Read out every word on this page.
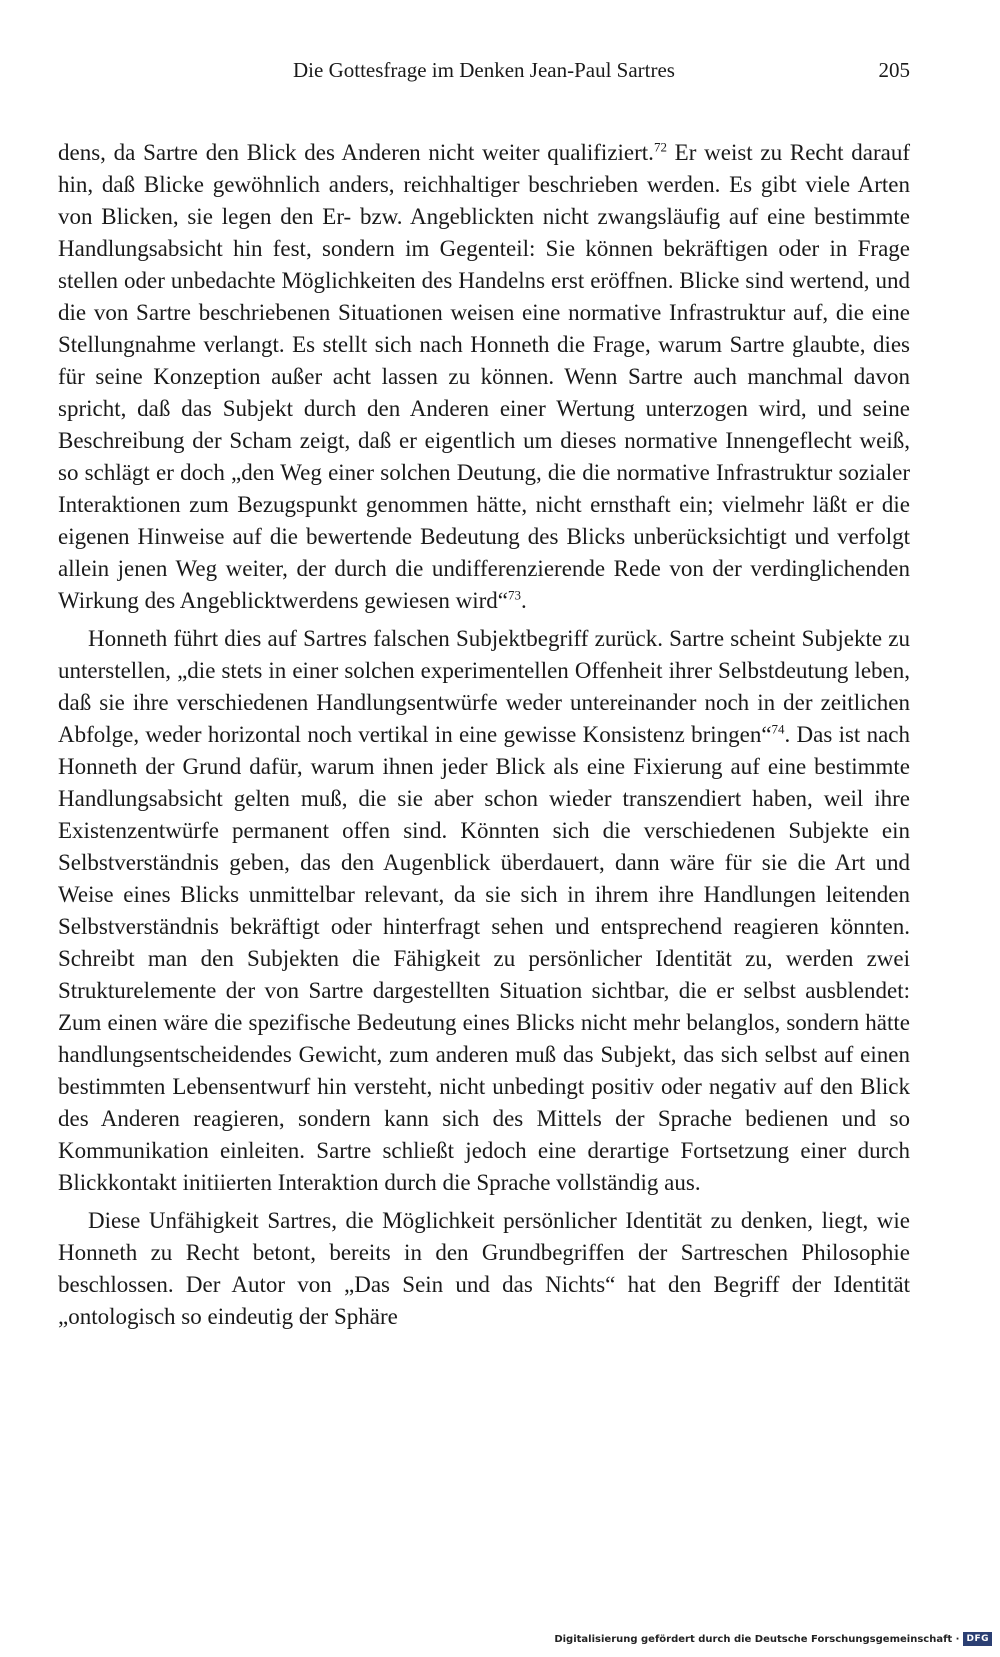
Die Gottesfrage im Denken Jean-Paul Sartres	205

dens, da Sartre den Blick des Anderen nicht weiter qualifiziert.$^{72}$ Er weist zu Recht darauf hin, daß Blicke gewöhnlich anders, reichhaltiger beschrieben werden. Es gibt viele Arten von Blicken, sie legen den Er- bzw. Angeblickten nicht zwangsläufig auf eine bestimmte Handlungsabsicht hin fest, sondern im Gegenteil: Sie können bekräftigen oder in Frage stellen oder unbedachte Möglichkeiten des Handelns erst eröffnen. Blicke sind wertend, und die von Sartre beschriebenen Situationen weisen eine normative Infrastruktur auf, die eine Stellungnahme verlangt. Es stellt sich nach Honneth die Frage, warum Sartre glaubte, dies für seine Konzeption außer acht lassen zu können. Wenn Sartre auch manchmal davon spricht, daß das Subjekt durch den Anderen einer Wertung unterzogen wird, und seine Beschreibung der Scham zeigt, daß er eigentlich um dieses normative Innengeflecht weiß, so schlägt er doch „den Weg einer solchen Deutung, die die normative Infrastruktur sozialer Interaktionen zum Bezugspunkt genommen hätte, nicht ernsthaft ein; vielmehr läßt er die eigenen Hinweise auf die bewertende Bedeutung des Blicks unberücksichtigt und verfolgt allein jenen Weg weiter, der durch die undifferenzierende Rede von der verdinglichenden Wirkung des Angeblicktwerdens gewiesen wird“$^{73}$.

Honneth führt dies auf Sartres falschen Subjektbegriff zurück. Sartre scheint Subjekte zu unterstellen, „die stets in einer solchen experimentellen Offenheit ihrer Selbstdeutung leben, daß sie ihre verschiedenen Handlungsentwürfe weder untereinander noch in der zeitlichen Abfolge, weder horizontal noch vertikal in eine gewisse Konsistenz bringen“$^{74}$. Das ist nach Honneth der Grund dafür, warum ihnen jeder Blick als eine Fixierung auf eine bestimmte Handlungsabsicht gelten muß, die sie aber schon wieder transzendiert haben, weil ihre Existenzentwürfe permanent offen sind. Könnten sich die verschiedenen Subjekte ein Selbstverständnis geben, das den Augenblick überdauert, dann wäre für sie die Art und Weise eines Blicks unmittelbar relevant, da sie sich in ihrem ihre Handlungen leitenden Selbstverständnis bekräftigt oder hinterfragt sehen und entsprechend reagieren könnten. Schreibt man den Subjekten die Fähigkeit zu persönlicher Identität zu, werden zwei Strukturelemente der von Sartre dargestellten Situation sichtbar, die er selbst ausblendet: Zum einen wäre die spezifische Bedeutung eines Blicks nicht mehr belanglos, sondern hätte handlungsentscheidendes Gewicht, zum anderen muß das Subjekt, das sich selbst auf einen bestimmten Lebensentwurf hin versteht, nicht unbedingt positiv oder negativ auf den Blick des Anderen reagieren, sondern kann sich des Mittels der Sprache bedienen und so Kommunikation einleiten. Sartre schließt jedoch eine derartige Fortsetzung einer durch Blickkontakt initiierten Interaktion durch die Sprache vollständig aus.

Diese Unfähigkeit Sartres, die Möglichkeit persönlicher Identität zu denken, liegt, wie Honneth zu Recht betont, bereits in den Grundbegriffen der Sartreschen Philosophie beschlossen. Der Autor von „Das Sein und das Nichts“ hat den Begriff der Identität „ontologisch so eindeutig der Sphäre

Digitalisierung gefördert durch die Deutsche Forschungsgemeinschaft · DFG
